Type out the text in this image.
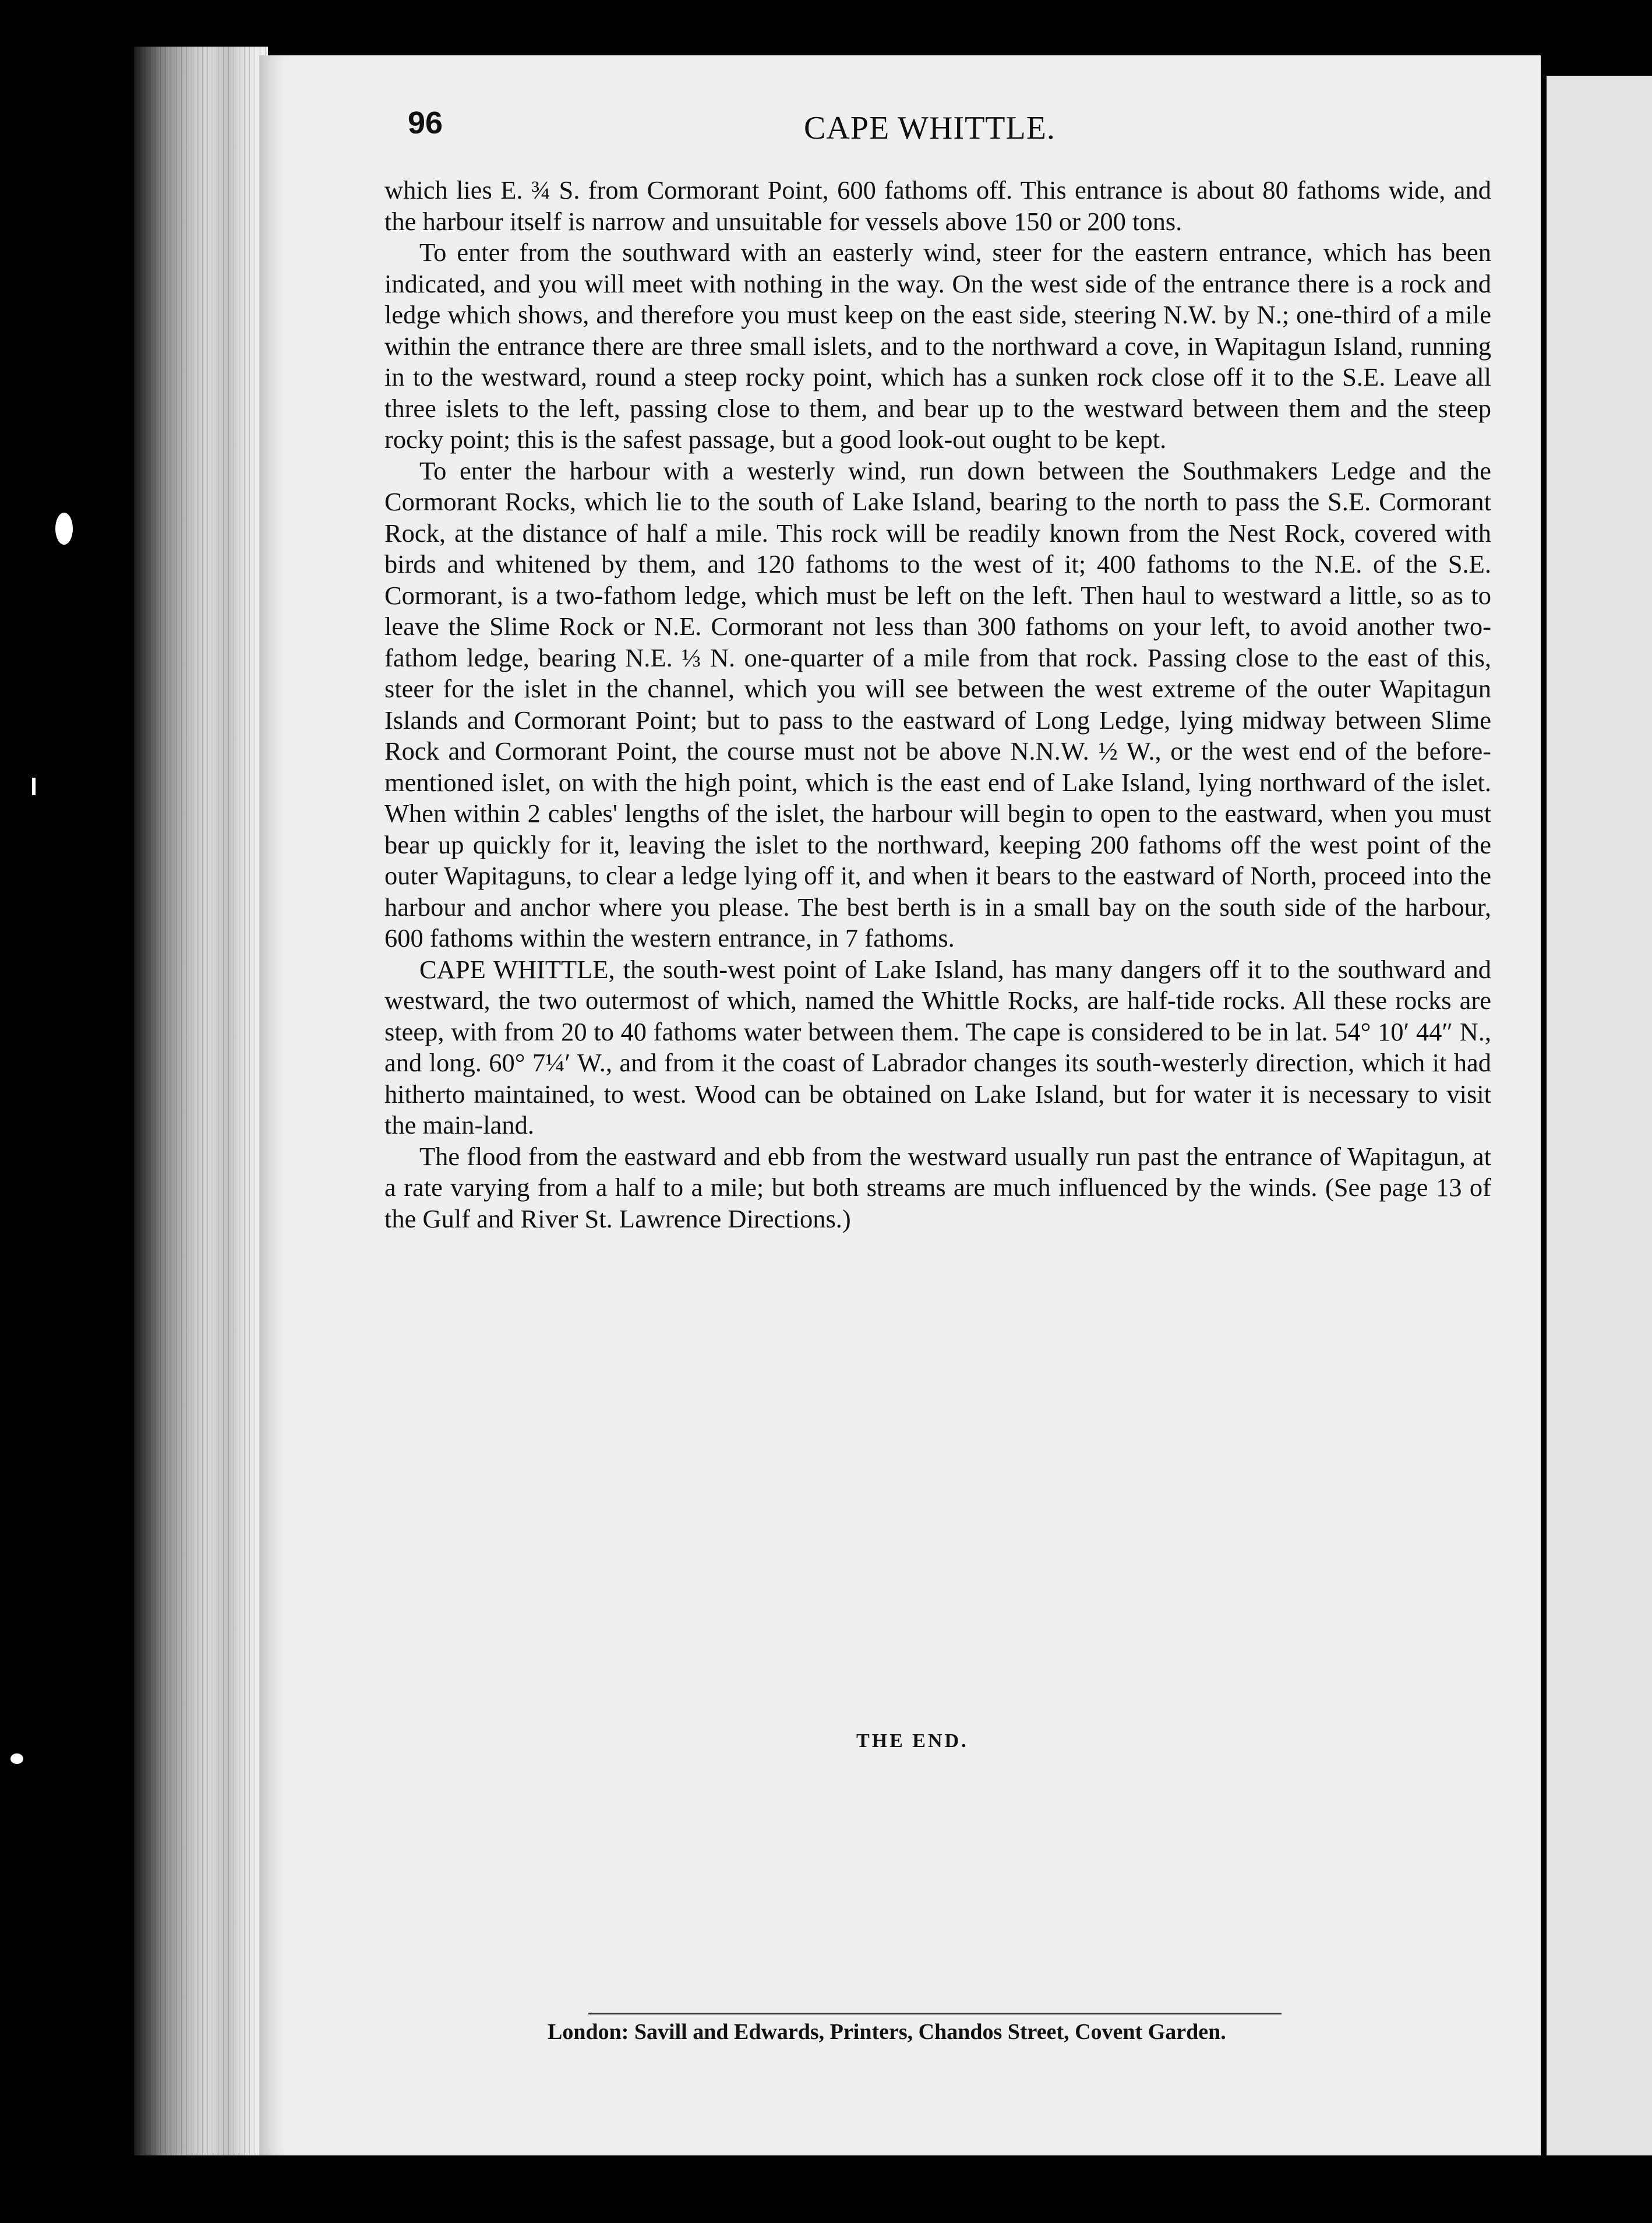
96	CAPE WHITTLE.

which lies E. ¾ S. from Cormorant Point, 600 fathoms off. This entrance is about 80 fathoms wide, and the harbour itself is narrow and unsuitable for vessels above 150 or 200 tons.

To enter from the southward with an easterly wind, steer for the eastern entrance, which has been indicated, and you will meet with nothing in the way. On the west side of the entrance there is a rock and ledge which shows, and therefore you must keep on the east side, steering N.W. by N.; one-third of a mile within the entrance there are three small islets, and to the northward a cove, in Wapitagun Island, running in to the westward, round a steep rocky point, which has a sunken rock close off it to the S.E. Leave all three islets to the left, passing close to them, and bear up to the westward between them and the steep rocky point; this is the safest passage, but a good look-out ought to be kept.

To enter the harbour with a westerly wind, run down between the Southmakers Ledge and the Cormorant Rocks, which lie to the south of Lake Island, bearing to the north to pass the S.E. Cormorant Rock, at the distance of half a mile. This rock will be readily known from the Nest Rock, covered with birds and whitened by them, and 120 fathoms to the west of it; 400 fathoms to the N.E. of the S.E. Cormorant, is a two-fathom ledge, which must be left on the left. Then haul to westward a little, so as to leave the Slime Rock or N.E. Cormorant not less than 300 fathoms on your left, to avoid another two-fathom ledge, bearing N.E. ⅓ N. one-quarter of a mile from that rock. Passing close to the east of this, steer for the islet in the channel, which you will see between the west extreme of the outer Wapitagun Islands and Cormorant Point; but to pass to the eastward of Long Ledge, lying midway between Slime Rock and Cormorant Point, the course must not be above N.N.W. ½ W., or the west end of the before-mentioned islet, on with the high point, which is the east end of Lake Island, lying northward of the islet. When within 2 cables' lengths of the islet, the harbour will begin to open to the eastward, when you must bear up quickly for it, leaving the islet to the northward, keeping 200 fathoms off the west point of the outer Wapitaguns, to clear a ledge lying off it, and when it bears to the eastward of North, proceed into the harbour and anchor where you please. The best berth is in a small bay on the south side of the harbour, 600 fathoms within the western entrance, in 7 fathoms.

CAPE WHITTLE, the south-west point of Lake Island, has many dangers off it to the southward and westward, the two outermost of which, named the Whittle Rocks, are half-tide rocks. All these rocks are steep, with from 20 to 40 fathoms water between them. The cape is considered to be in lat. 54° 10′ 44″ N., and long. 60° 7¼′ W., and from it the coast of Labrador changes its south-westerly direction, which it had hitherto maintained, to west. Wood can be obtained on Lake Island, but for water it is necessary to visit the main-land.

The flood from the eastward and ebb from the westward usually run past the entrance of Wapitagun, at a rate varying from a half to a mile; but both streams are much influenced by the winds. (See page 13 of the Gulf and River St. Lawrence Directions.)

THE END.
London: Savill and Edwards, Printers, Chandos Street, Covent Garden.
